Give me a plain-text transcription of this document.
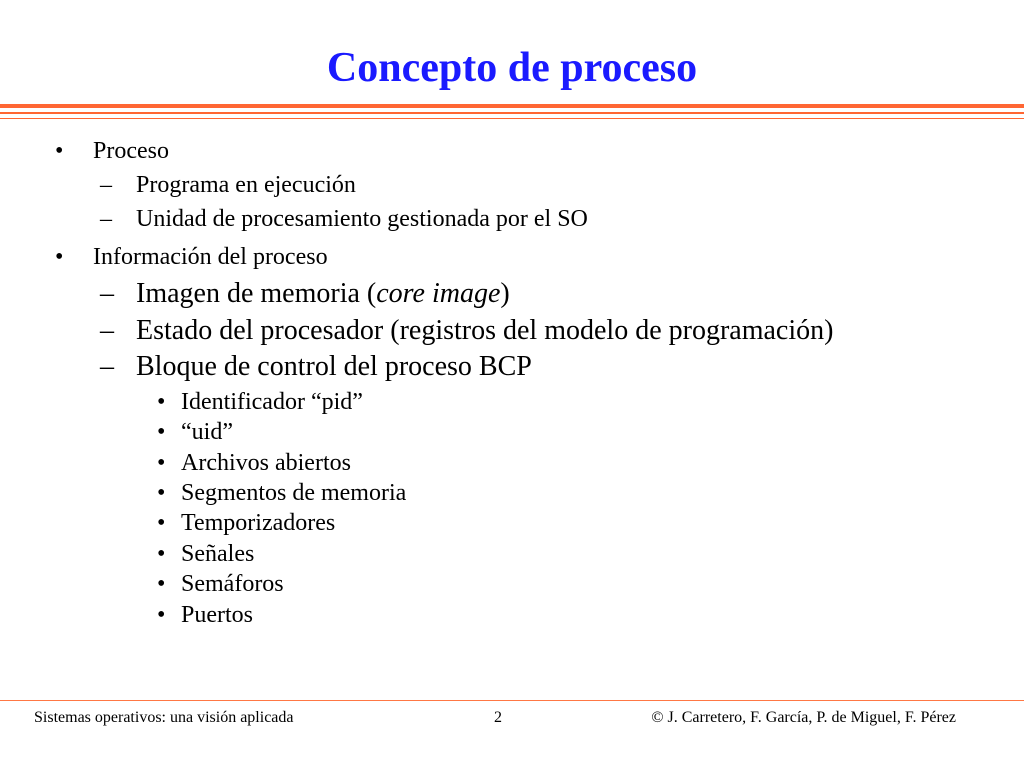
Concepto de proceso
• Proceso
– Programa en ejecución
– Unidad de procesamiento gestionada por el SO
• Información del proceso
– Imagen de memoria (core image)
– Estado del procesador (registros del modelo de programación)
– Bloque de control del proceso BCP
• Identificador “pid”
• “uid”
• Archivos abiertos
• Segmentos de memoria
• Temporizadores
• Señales
• Semáforos
• Puertos
Sistemas operativos: una visión aplicada	2	© J. Carretero, F. García, P. de Miguel, F. Pérez
